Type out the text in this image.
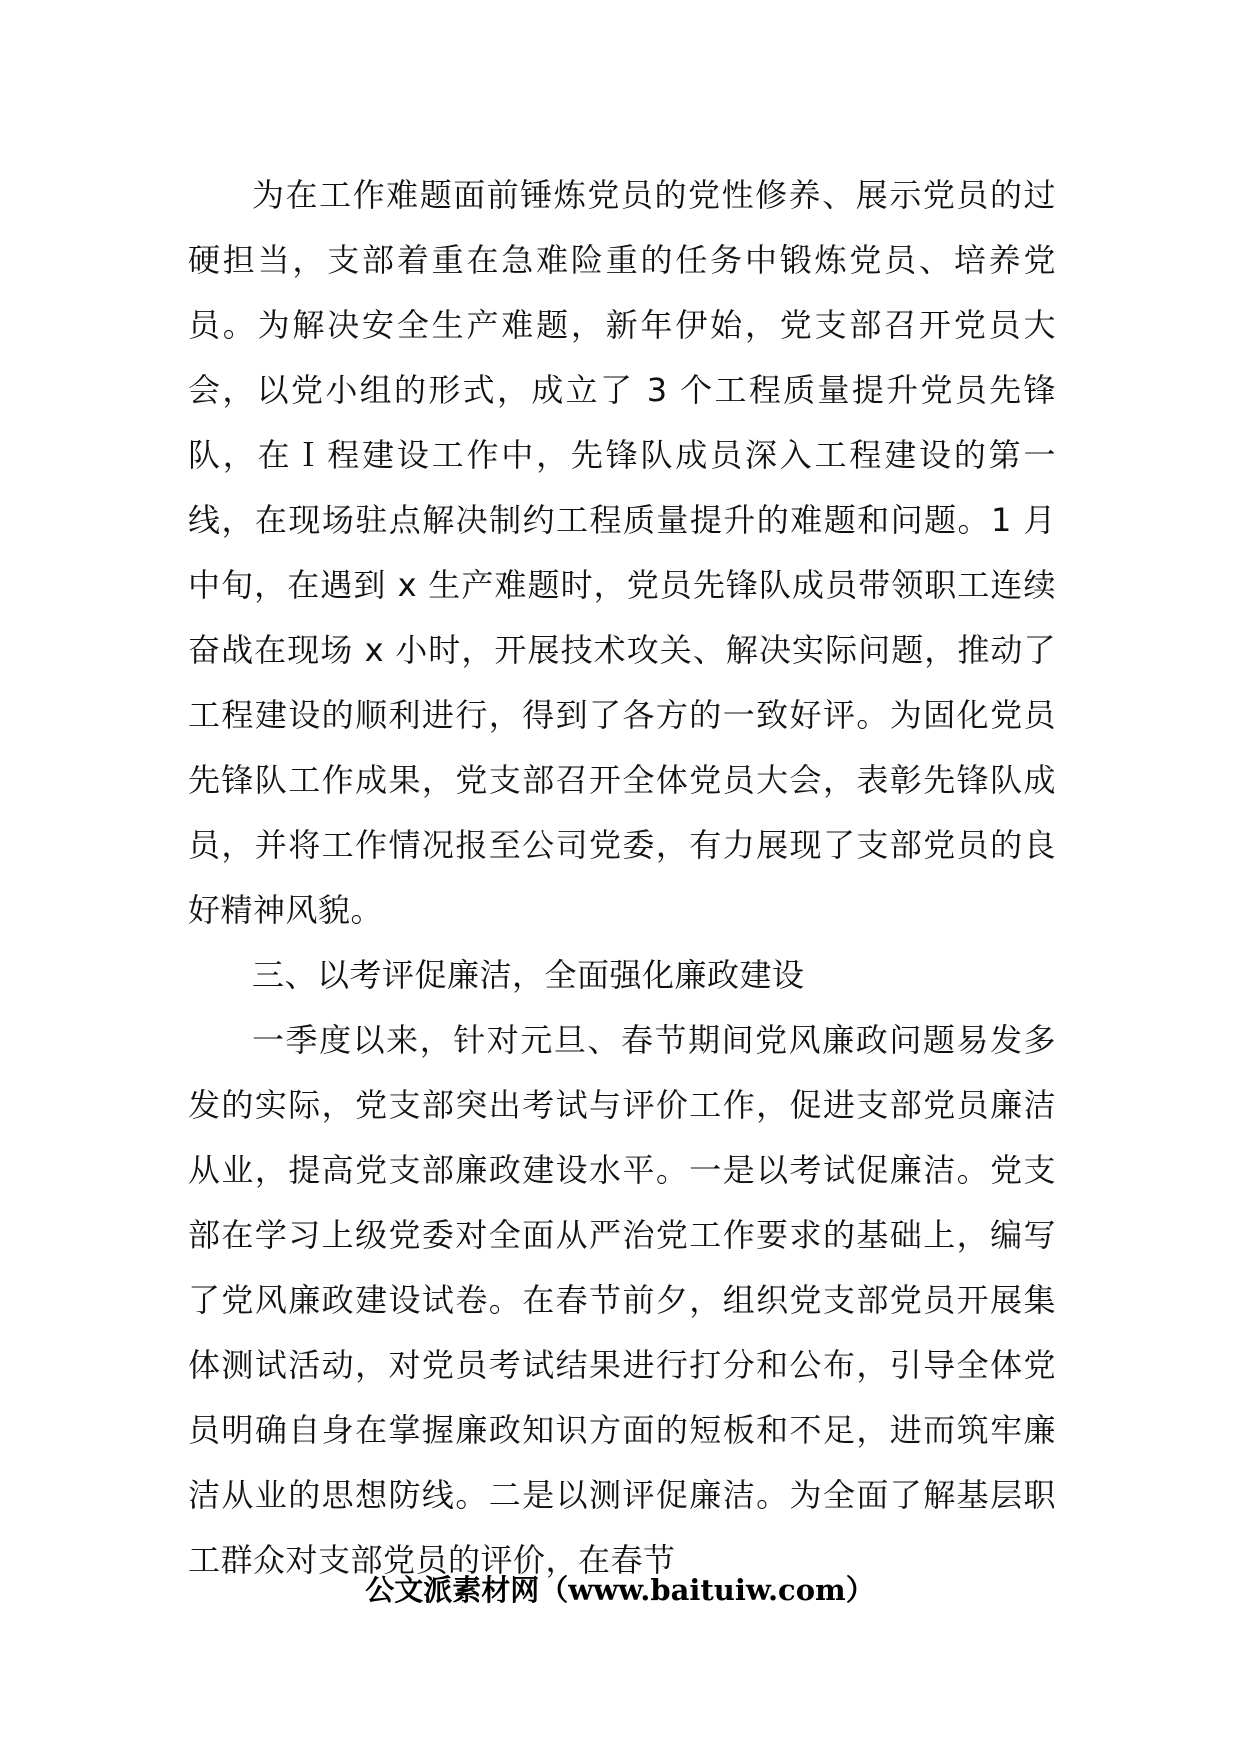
为在工作难题面前锤炼党员的党性修养、展示党员的过硬担当，支部着重在急难险重的任务中锻炼党员、培养党员。为解决安全生产难题，新年伊始，党支部召开党员大会，以党小组的形式，成立了 3 个工程质量提升党员先锋队，在Ｉ程建设工作中，先锋队成员深入工程建设的第一线，在现场驻点解决制约工程质量提升的难题和问题。1 月中旬，在遇到 x 生产难题时，党员先锋队成员带领职工连续奋战在现场 x 小时，开展技术攻关、解决实际问题，推动了工程建设的顺利进行，得到了各方的一致好评。为固化党员先锋队工作成果，党支部召开全体党员大会，表彰先锋队成员，并将工作情况报至公司党委，有力展现了支部党员的良好精神风貌。

三、以考评促廉洁，全面强化廉政建设

一季度以来，针对元旦、春节期间党风廉政问题易发多发的实际，党支部突出考试与评价工作，促进支部党员廉洁从业，提高党支部廉政建设水平。一是以考试促廉洁。党支部在学习上级党委对全面从严治党工作要求的基础上，编写了党风廉政建设试卷。在春节前夕，组织党支部党员开展集体测试活动，对党员考试结果进行打分和公布，引导全体党员明确自身在掌握廉政知识方面的短板和不足，进而筑牢廉洁从业的思想防线。二是以测评促廉洁。为全面了解基层职工群众对支部党员的评价，在春节

公文派素材网（www.baituiw.com）
